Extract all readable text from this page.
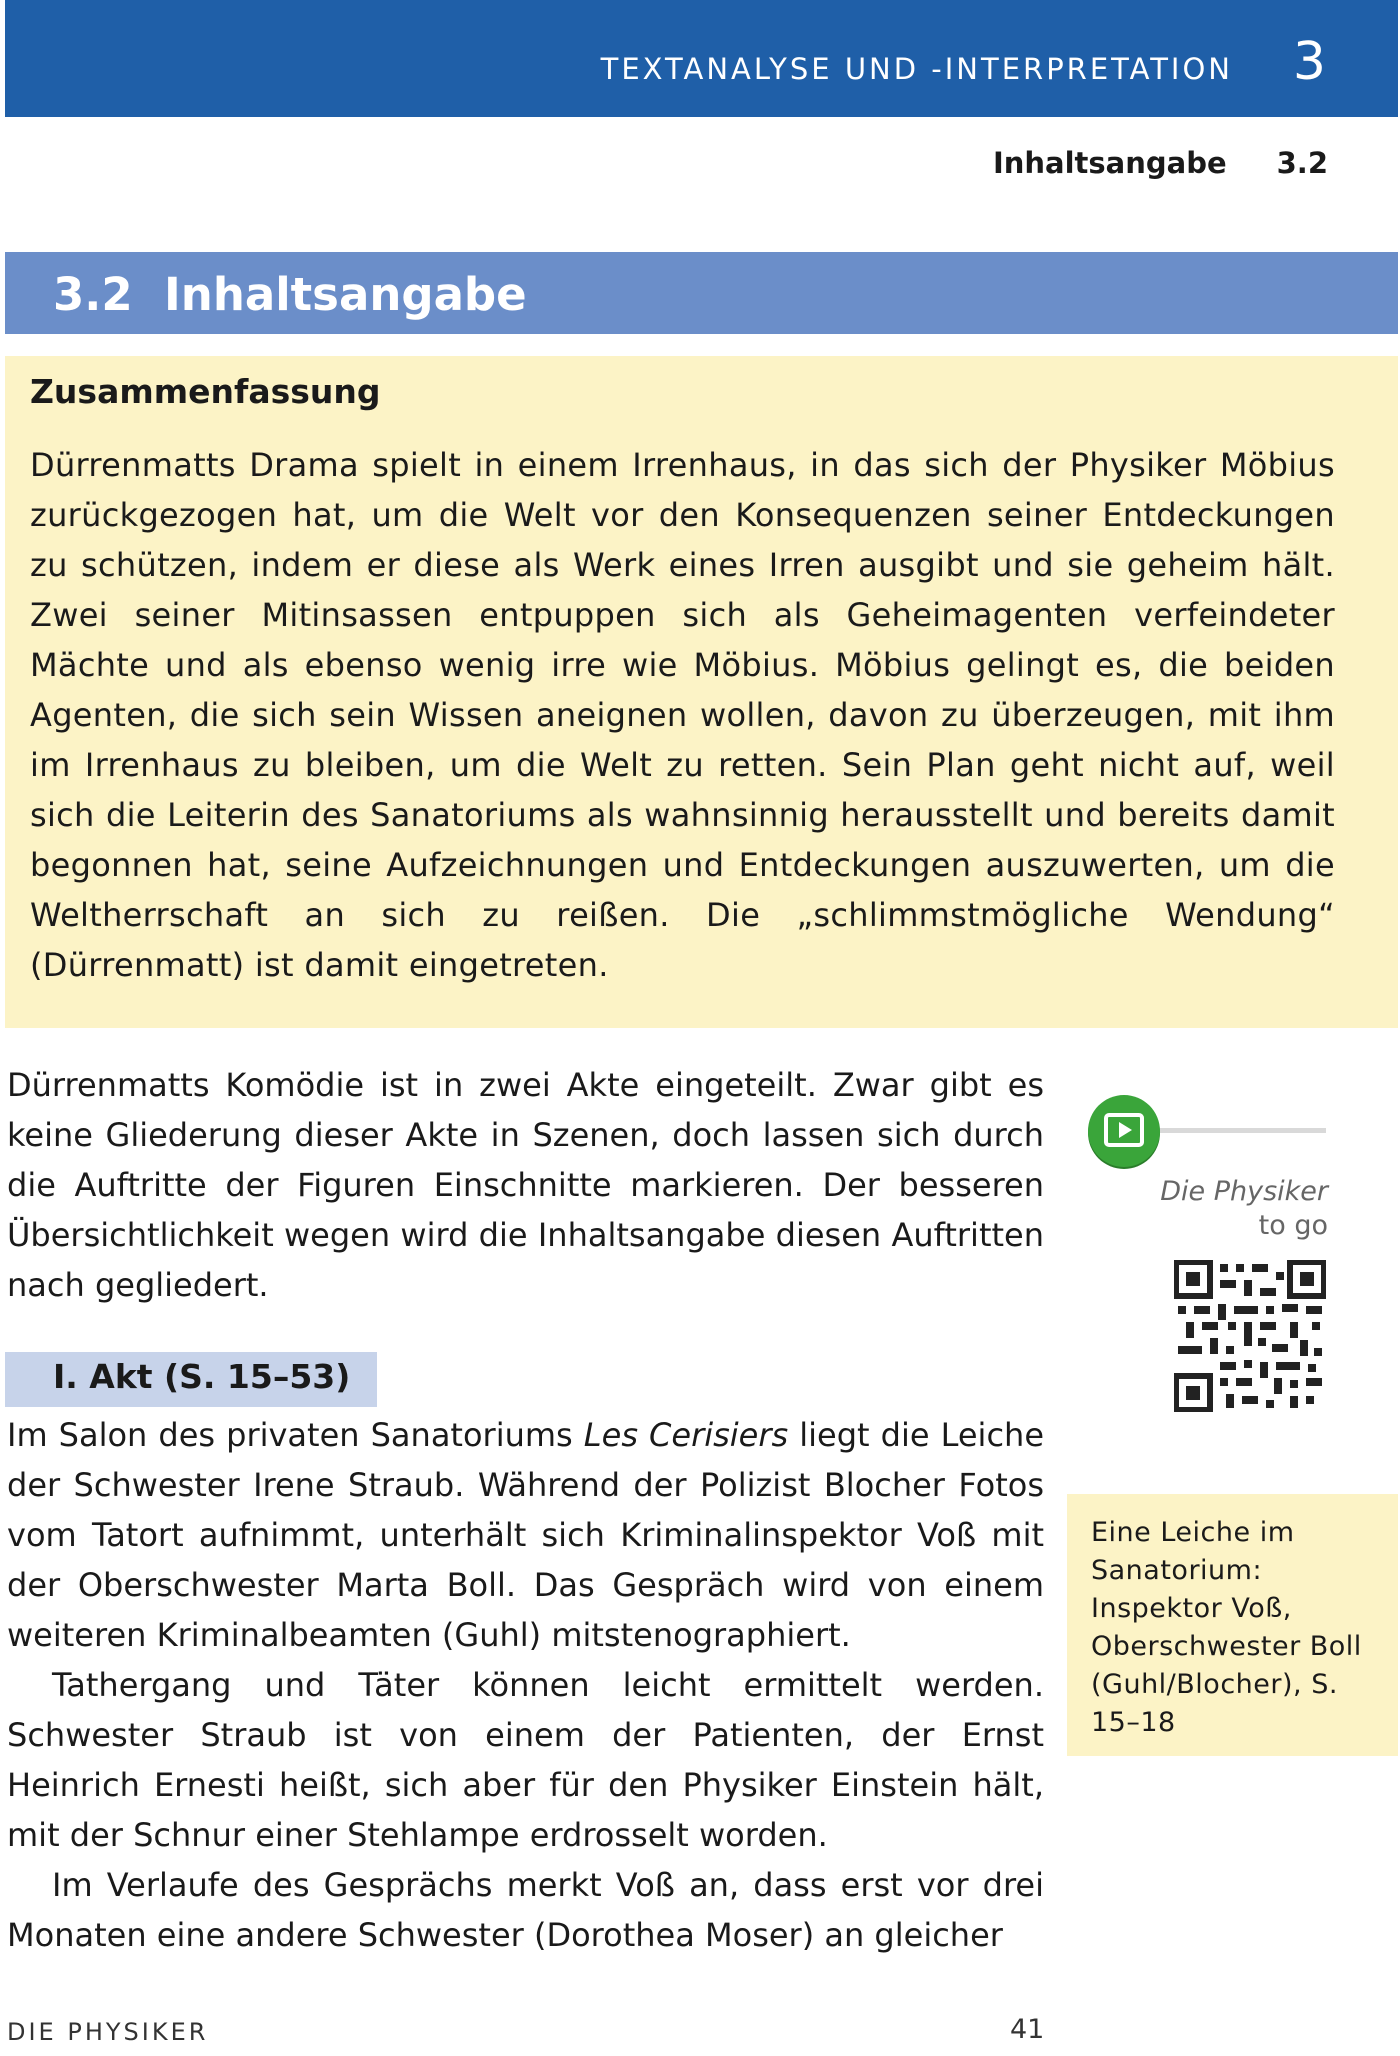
TEXTANALYSE UND -INTERPRETATION 3
Inhaltsangabe 3.2
3.2  Inhaltsangabe
Zusammenfassung

Dürrenmatts Drama spielt in einem Irrenhaus, in das sich der Physiker Möbius zurückgezogen hat, um die Welt vor den Konsequenzen seiner Entdeckungen zu schützen, indem er diese als Werk eines Irren ausgibt und sie geheim hält. Zwei seiner Mitinsassen entpuppen sich als Geheimagenten verfeindeter Mächte und als ebenso wenig irre wie Möbius. Möbius gelingt es, die beiden Agenten, die sich sein Wissen aneignen wollen, davon zu überzeugen, mit ihm im Irrenhaus zu bleiben, um die Welt zu retten. Sein Plan geht nicht auf, weil sich die Leiterin des Sanatoriums als wahnsinnig herausstellt und bereits damit begonnen hat, seine Aufzeichnungen und Entdeckungen auszuwerten, um die Weltherrschaft an sich zu reißen. Die „schlimmstmögliche Wendung“ (Dürrenmatt) ist damit eingetreten.

Dürrenmatts Komödie ist in zwei Akte eingeteilt. Zwar gibt es keine Gliederung dieser Akte in Szenen, doch lassen sich durch die Auftritte der Figuren Einschnitte markieren. Der besseren Übersichtlichkeit wegen wird die Inhaltsangabe diesen Auftritten nach gegliedert.

I. Akt (S. 15–53)

Im Salon des privaten Sanatoriums Les Cerisiers liegt die Leiche der Schwester Irene Straub. Während der Polizist Blocher Fotos vom Tatort aufnimmt, unterhält sich Kriminalinspektor Voß mit der Oberschwester Marta Boll. Das Gespräch wird von einem weiteren Kriminalbeamten (Guhl) mitstenographiert.

Tathergang und Täter können leicht ermittelt werden. Schwester Straub ist von einem der Patienten, der Ernst Heinrich Ernesti heißt, sich aber für den Physiker Einstein hält, mit der Schnur einer Stehlampe erdrosselt worden.

Im Verlaufe des Gesprächs merkt Voß an, dass erst vor drei Monaten eine andere Schwester (Dorothea Moser) an gleicher

Die Physiker
to go

Eine Leiche im Sanatorium: Inspektor Voß, Oberschwester Boll (Guhl/Blocher), S. 15–18

DIE PHYSIKER	41
